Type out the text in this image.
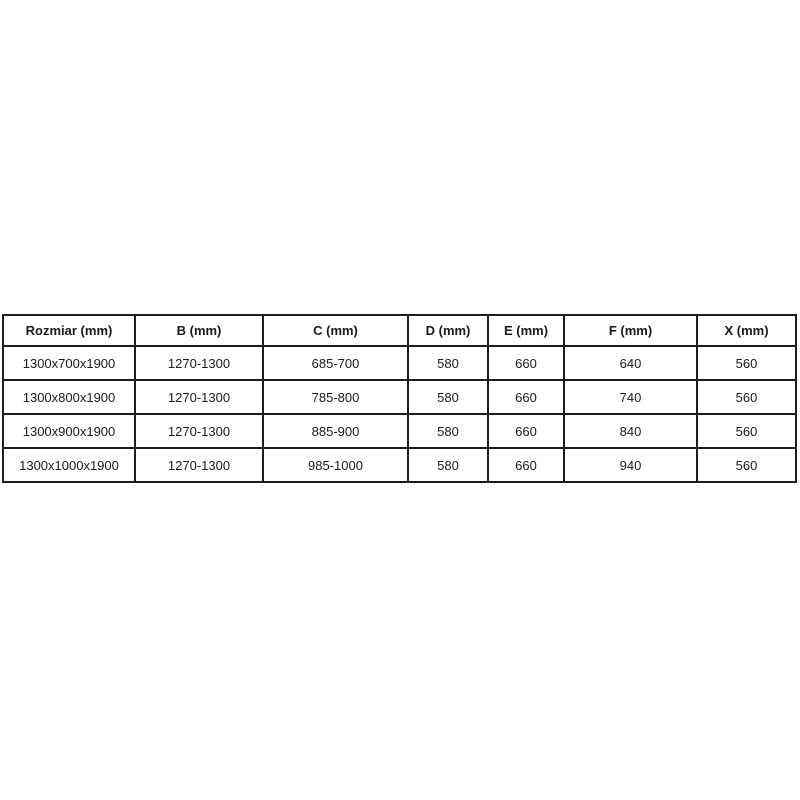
Rozmiar (mm)	B (mm)	C (mm)	D (mm)	E (mm)	F (mm)	X (mm)
1300x700x1900	1270-1300	685-700	580	660	640	560
1300x800x1900	1270-1300	785-800	580	660	740	560
1300x900x1900	1270-1300	885-900	580	660	840	560
1300x1000x1900	1270-1300	985-1000	580	660	940	560
